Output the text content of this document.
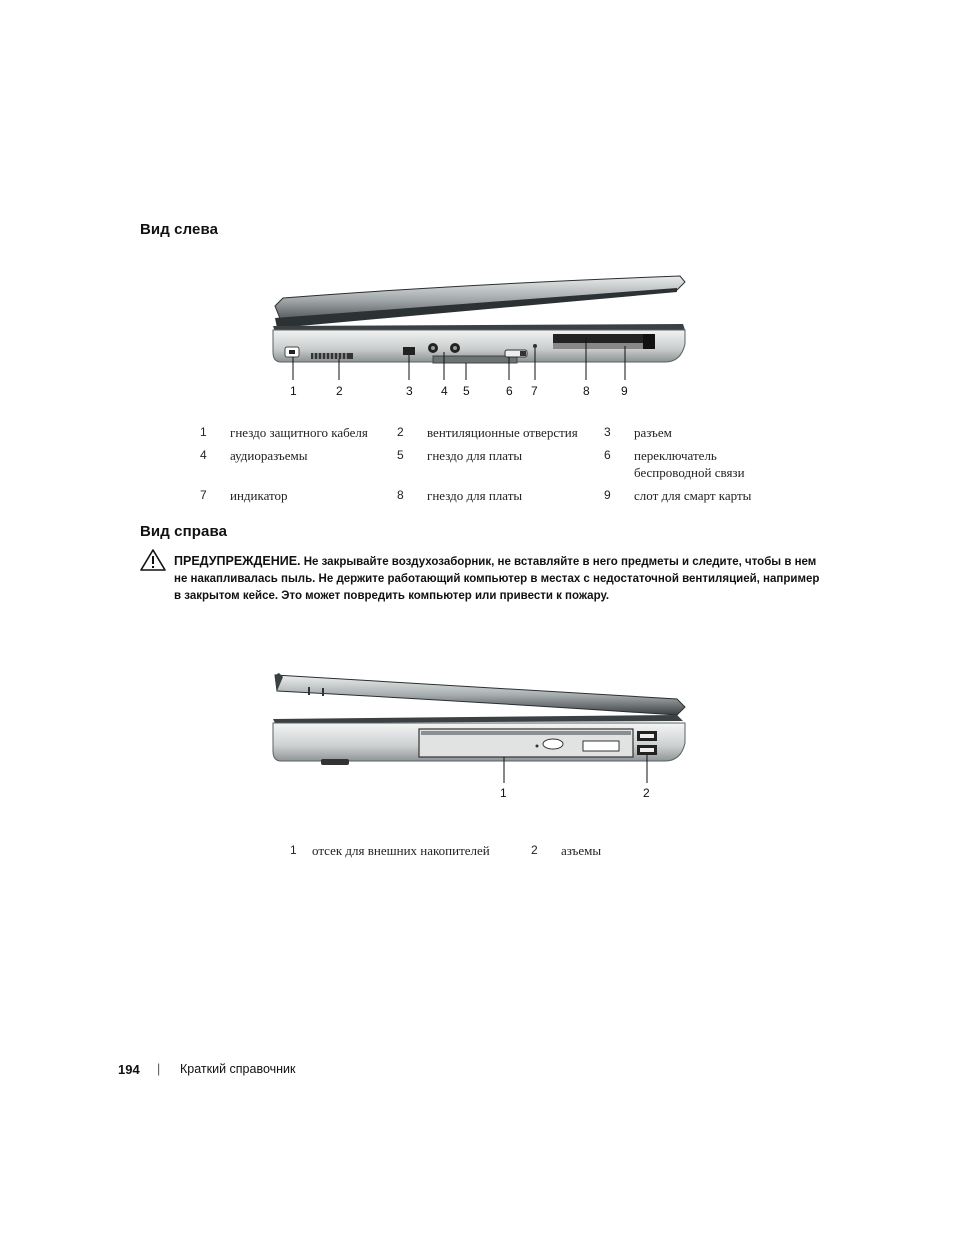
Вид слева
1	2	3 4 5	6 7	8	9
1 гнездо защитного кабеля 2 вентиляционные отверстия 3 разъем
4 аудиоразъемы	5 гнездо для платы	6 переключатель
беспроводной связи
7 индикатор	8 гнездо для платы	9 слот для смарт карты
Вид справа
ПРЕДУПРЕЖДЕНИЕ. Не закрывайте воздухозаборник, не вставляйте в него предметы и следите, чтобы в нем не накапливалась пыль. Не держите работающий компьютер в местах с недостаточной вентиляцией, например в закрытом кейсе. Это может повредить компьютер или привести к пожару.
1	2
1 отсек для внешних накопителей	2 азъемы
194 | Краткий справочник
